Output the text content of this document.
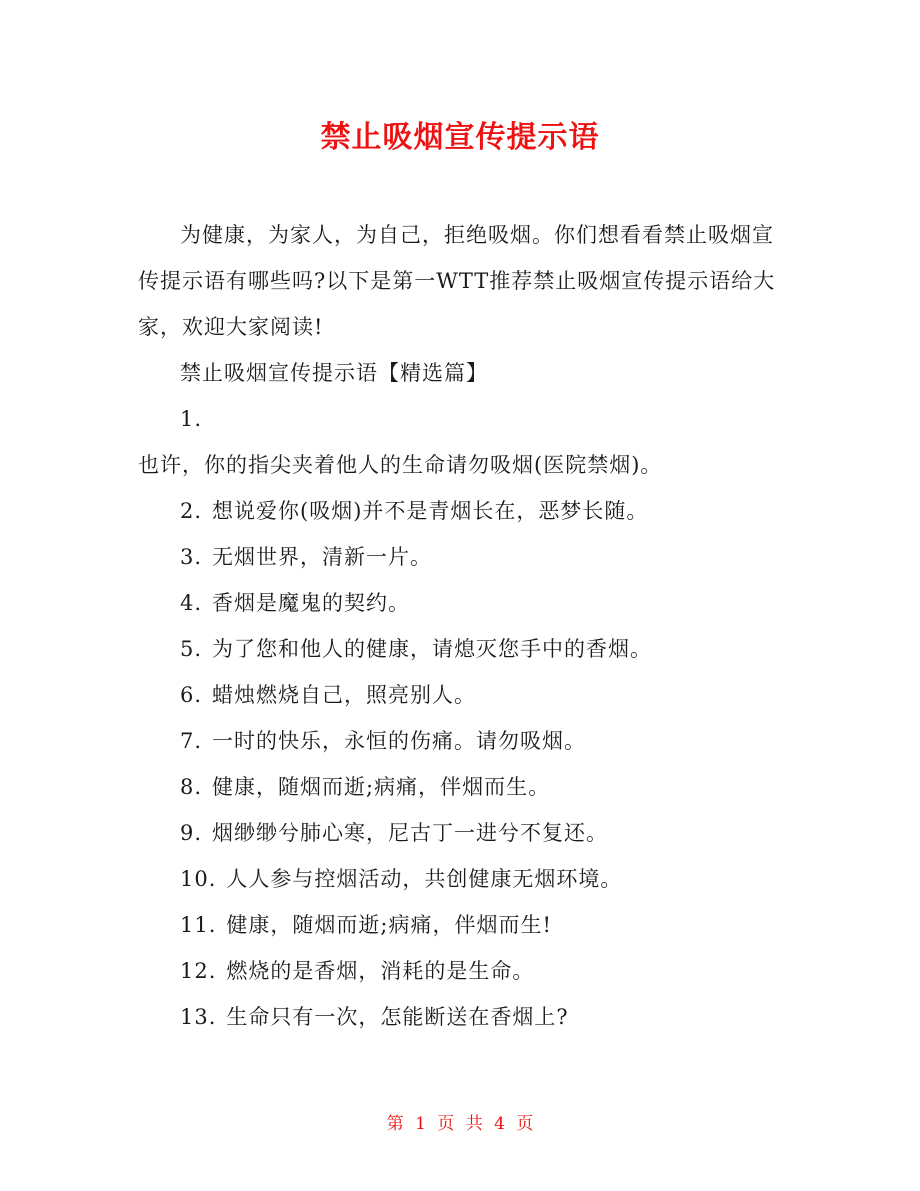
禁止吸烟宣传提示语

为健康，为家人，为自己，拒绝吸烟。你们想看看禁止吸烟宣传提示语有哪些吗?以下是第一WTT推荐禁止吸烟宣传提示语给大家，欢迎大家阅读!

禁止吸烟宣传提示语【精选篇】

1.

也许，你的指尖夹着他人的生命请勿吸烟(医院禁烟)。

2. 想说爱你(吸烟)并不是青烟长在，恶梦长随。
3. 无烟世界，清新一片。
4. 香烟是魔鬼的契约。
5. 为了您和他人的健康，请熄灭您手中的香烟。
6. 蜡烛燃烧自己，照亮别人。
7. 一时的快乐，永恒的伤痛。请勿吸烟。
8. 健康，随烟而逝;病痛，伴烟而生。
9. 烟缈缈兮肺心寒，尼古丁一进兮不复还。
10. 人人参与控烟活动，共创健康无烟环境。
11. 健康，随烟而逝;病痛，伴烟而生!
12. 燃烧的是香烟，消耗的是生命。
13. 生命只有一次，怎能断送在香烟上?
第 1 页 共 4 页
